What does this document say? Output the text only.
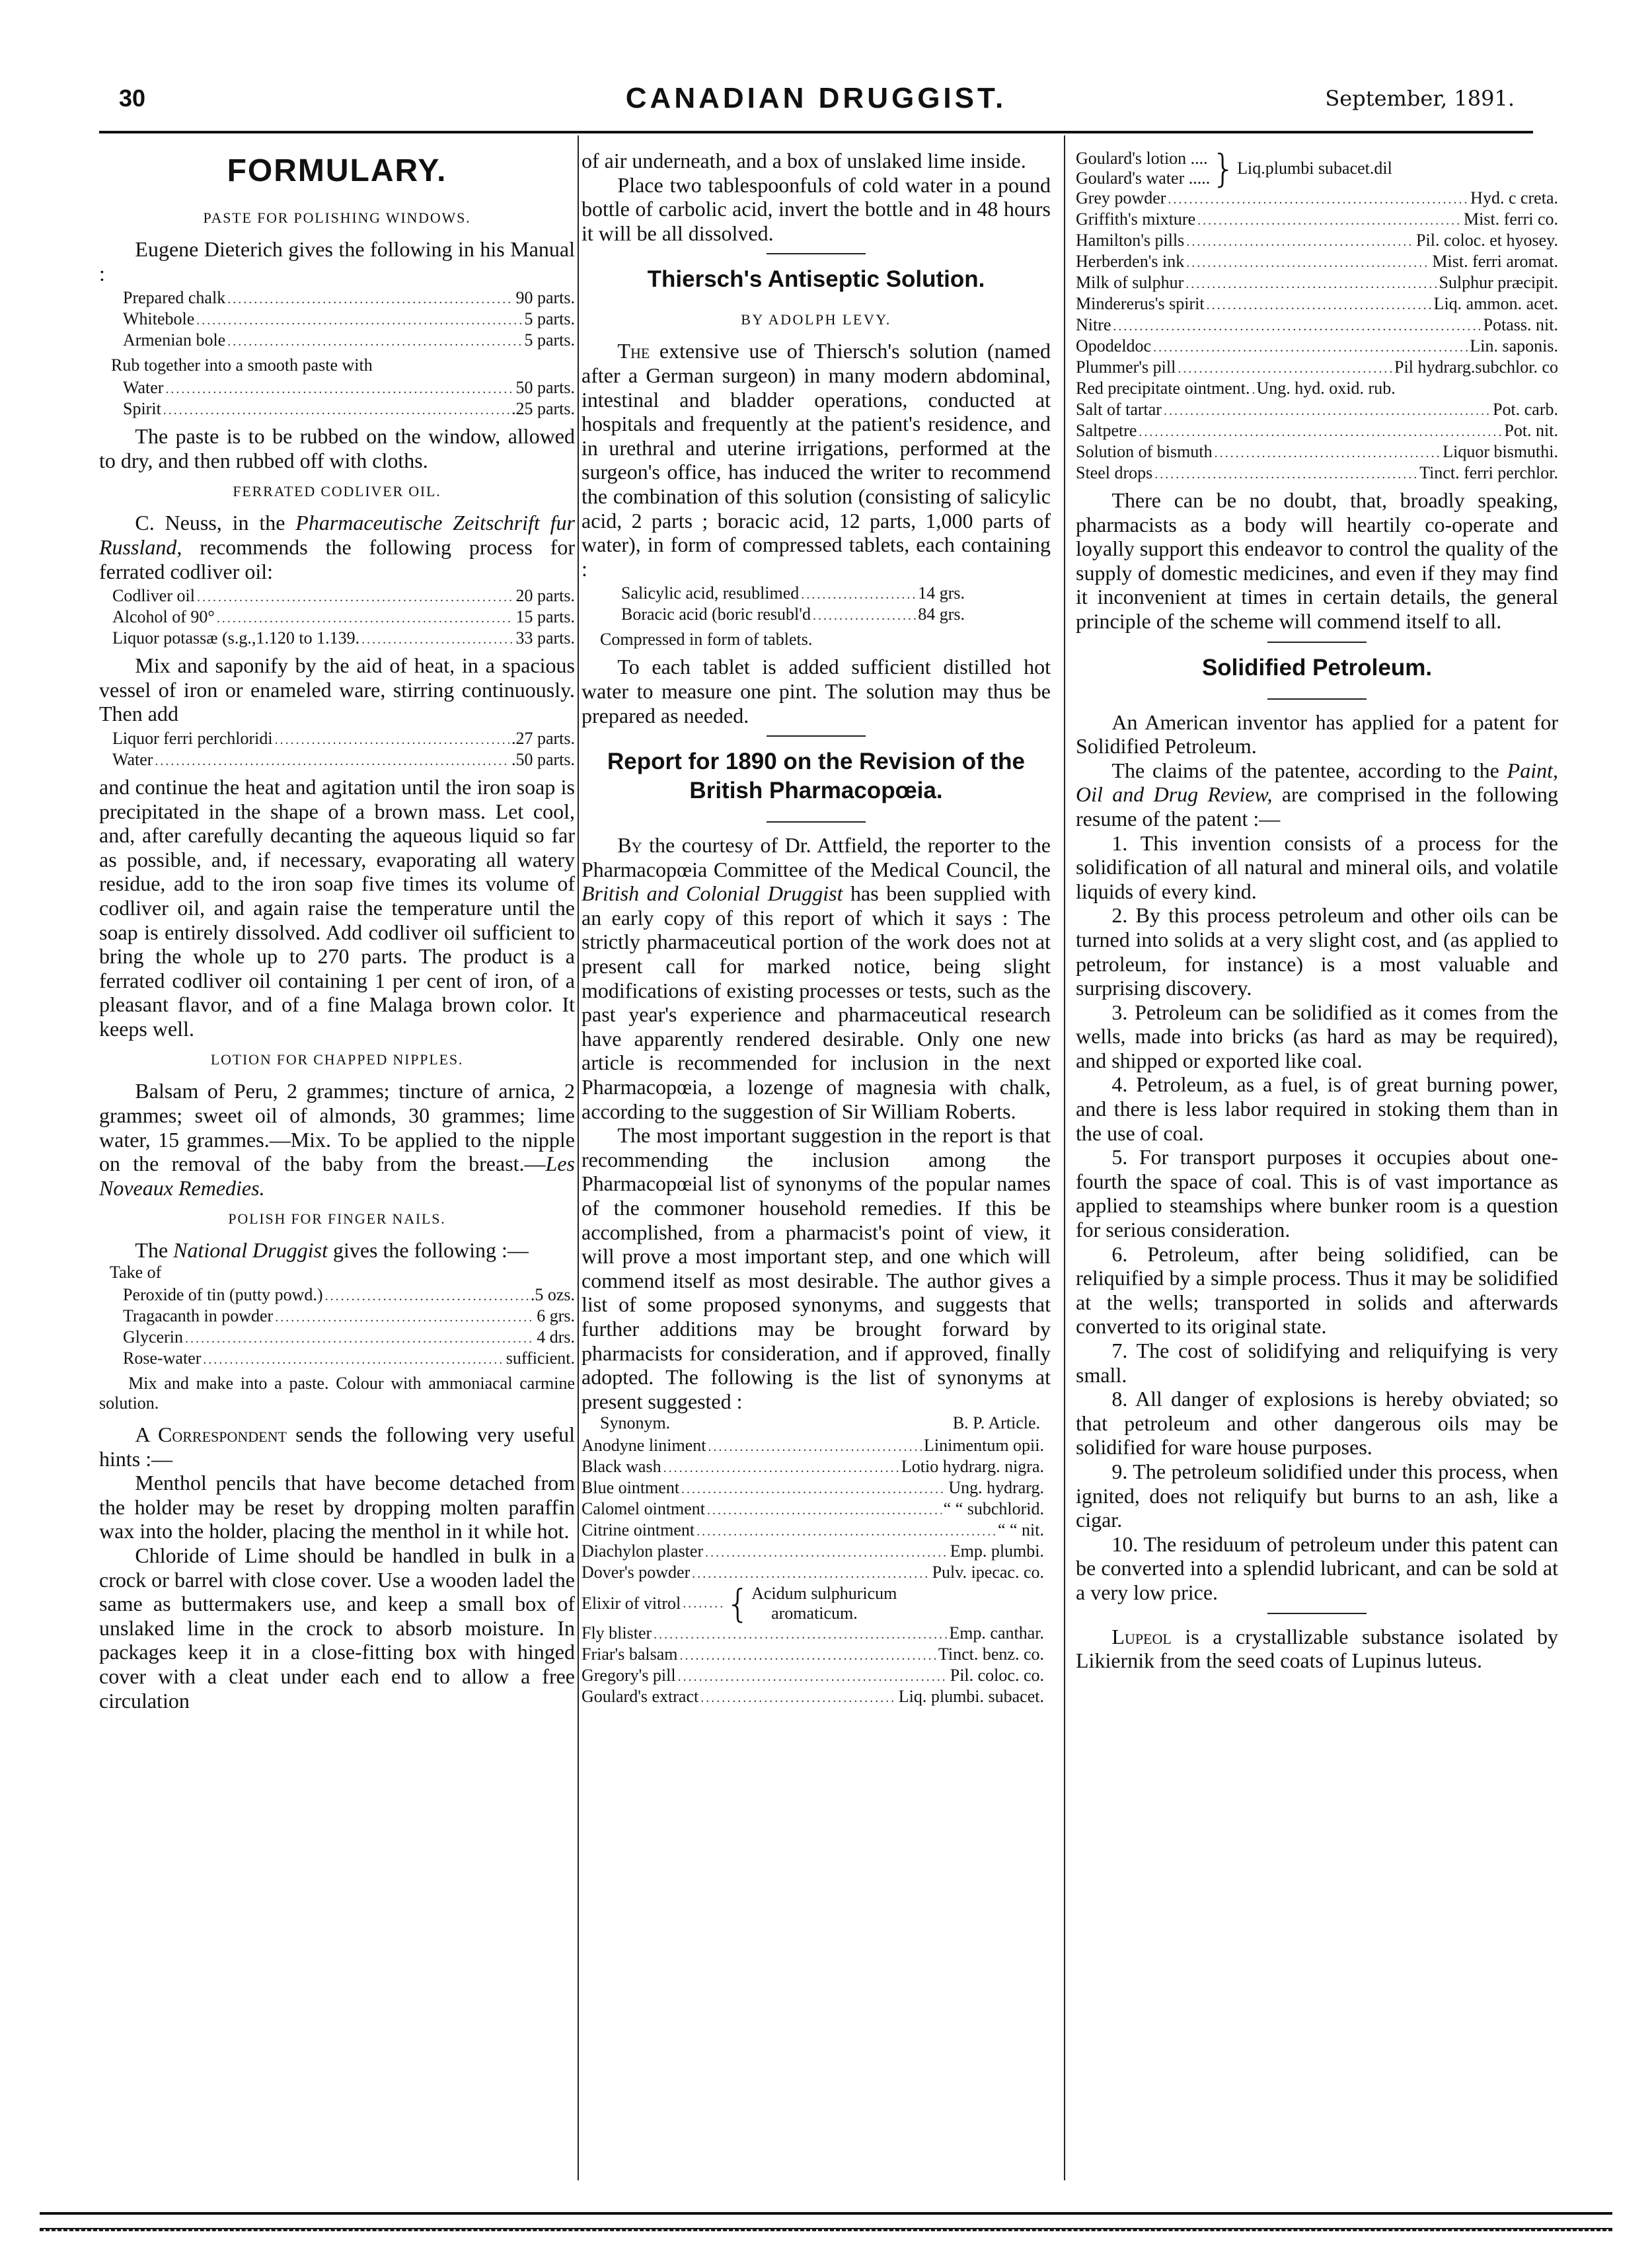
30	CANADIAN DRUGGIST.	September, 1891.
FORMULARY.
PASTE FOR POLISHING WINDOWS.

Eugene Dieterich gives the following in his Manual :

Prepared chalk .....	90 parts.
Whitebole .....	5 parts.
Armenian bole .....	5 parts.
Rub together into a smooth paste with
Water .....	50 parts.
Spirit .....	.25 parts.

The paste is to be rubbed on the window, allowed to dry, and then rubbed off with cloths.

FERRATED CODLIVER OIL.

C. Neuss, in the Pharmaceutische Zeitschrift fur Russland, recommends the following process for ferrated codliver oil:

Codliver oil .....	20 parts.
Alcohol of 90° .....	15 parts.
Liquor potassæ (s.g.,1.120 to 1.139. .....	33 parts.

Mix and saponify by the aid of heat, in a spacious vessel of iron or enameled ware, stirring continuously. Then add

Liquor ferri perchloridi .....	.27 parts.
Water .....	.50 parts.

and continue the heat and agitation until the iron soap is precipitated in the shape of a brown mass. Let cool, and, after carefully decanting the aqueous liquid so far as possible, and, if necessary, evaporating all watery residue, add to the iron soap five times its volume of codliver oil, and again raise the temperature until the soap is entirely dissolved. Add codliver oil sufficient to bring the whole up to 270 parts. The product is a ferrated codliver oil containing 1 per cent of iron, of a pleasant flavor, and of a fine Malaga brown color. It keeps well.

LOTION FOR CHAPPED NIPPLES.

Balsam of Peru, 2 grammes; tincture of arnica, 2 grammes; sweet oil of almonds, 30 grammes; lime water, 15 grammes.—Mix. To be applied to the nipple on the removal of the baby from the breast.—Les Noveaux Remedies.

POLISH FOR FINGER NAILS.

The National Druggist gives the following :—

Take of
Peroxide of tin (putty powd.) .....	.5 ozs.
Tragacanth in powder .....	6 grs.
Glycerin .....	4 drs.
Rose-water .....	sufficient.

Mix and make into a paste. Colour with ammoniacal carmine solution.

A Correspondent sends the following very useful hints :—

Menthol pencils that have become detached from the holder may be reset by dropping molten paraffin wax into the holder, placing the menthol in it while hot.

Chloride of Lime should be handled in bulk in a crock or barrel with close cover. Use a wooden ladel the same as buttermakers use, and keep a small box of unslaked lime in the crock to absorb moisture. In packages keep it in a close-fitting box with hinged cover with a cleat under each end to allow a free circulation

of air underneath, and a box of unslaked lime inside.

Place two tablespoonfuls of cold water in a pound bottle of carbolic acid, invert the bottle and in 48 hours it will be all dissolved.

Thiersch's Antiseptic Solution.
BY ADOLPH LEVY.

The extensive use of Thiersch's solution (named after a German surgeon) in many modern abdominal, intestinal and bladder operations, conducted at hospitals and frequently at the patient's residence, and in urethral and uterine irrigations, performed at the surgeon's office, has induced the writer to recommend the combination of this solution (consisting of salicylic acid, 2 parts ; boracic acid, 12 parts, 1,000 parts of water), in form of compressed tablets, each containing :

Salicylic acid, resublimed .....	14 grs.
Boracic acid (boric resubl'd .....	84 grs.
Compressed in form of tablets.

To each tablet is added sufficient distilled hot water to measure one pint. The solution may thus be prepared as needed.

Report for 1890 on the Revision of the British Pharmacopœia.

By the courtesy of Dr. Attfield, the reporter to the Pharmacopœia Committee of the Medical Council, the British and Colonial Druggist has been supplied with an early copy of this report of which it says : The strictly pharmaceutical portion of the work does not at present call for marked notice, being slight modifications of existing processes or tests, such as the past year's experience and pharmaceutical research have apparently rendered desirable. Only one new article is recommended for inclusion in the next Pharmacopœia, a lozenge of magnesia with chalk, according to the suggestion of Sir William Roberts.

The most important suggestion in the report is that recommending the inclusion among the Pharmacopœial list of synonyms of the popular names of the commoner household remedies. If this be accomplished, from a pharmacist's point of view, it will prove a most important step, and one which will commend itself as most desirable. The author gives a list of some proposed synonyms, and suggests that further additions may be brought forward by pharmacists for consideration, and if approved, finally adopted. The following is the list of synonyms at present suggested :

Synonym.	B. P. Article.
Anodyne liniment .....	Linimentum opii.
Black wash .....	Lotio hydrarg. nigra.
Blue ointment .....	Ung. hydrarg.
Calomel ointment .....	“ “ subchlorid.
Citrine ointment .....	“ “ nit.
Diachylon plaster .....	Emp. plumbi.
Dover's powder .....	Pulv. ipecac. co.
Elixir of vitrol ..... { Acidum sulphuricum
aromaticum.
Fly blister .....	Emp. canthar.
Friar's balsam .....	Tinct. benz. co.
Gregory's pill .....	Pil. coloc. co.
Goulard's extract .....	Liq. plumbi. subacet.
Goulard's lotion ....
Goulard's water ..... } Liq.plumbi subacet.dil
Grey powder .....	Hyd. c creta.
Griffith's mixture .....	Mist. ferri co.
Hamilton's pills .....	Pil. coloc. et hyosey.
Herberden's ink .....	Mist. ferri aromat.
Milk of sulphur .....	Sulphur præcipit.
Mindererus's spirit .....	Liq. ammon. acet.
Nitre .....	Potass. nit.
Opodeldoc .....	Lin. saponis.
Plummer's pill .....	Pil hydrarg.subchlor. co
Red precipitate ointment. ..... Ung. hyd. oxid. rub.
Salt of tartar .....	Pot. carb.
Saltpetre .....	Pot. nit.
Solution of bismuth .....	Liquor bismuthi.
Steel drops .....	Tinct. ferri perchlor.

There can be no doubt, that, broadly speaking, pharmacists as a body will heartily co-operate and loyally support this endeavor to control the quality of the supply of domestic medicines, and even if they may find it inconvenient at times in certain details, the general principle of the scheme will commend itself to all.

Solidified Petroleum.

An American inventor has applied for a patent for Solidified Petroleum.

The claims of the patentee, according to the Paint, Oil and Drug Review, are comprised in the following resume of the patent :—

1. This invention consists of a process for the solidification of all natural and mineral oils, and volatile liquids of every kind.

2. By this process petroleum and other oils can be turned into solids at a very slight cost, and (as applied to petroleum, for instance) is a most valuable and surprising discovery.

3. Petroleum can be solidified as it comes from the wells, made into bricks (as hard as may be required), and shipped or exported like coal.

4. Petroleum, as a fuel, is of great burning power, and there is less labor required in stoking them than in the use of coal.

5. For transport purposes it occupies about one-fourth the space of coal. This is of vast importance as applied to steamships where bunker room is a question for serious consideration.

6. Petroleum, after being solidified, can be reliquified by a simple process. Thus it may be solidified at the wells; transported in solids and afterwards converted to its original state.

7. The cost of solidifying and reliquifying is very small.

8. All danger of explosions is hereby obviated; so that petroleum and other dangerous oils may be solidified for ware house purposes.

9. The petroleum solidified under this process, when ignited, does not reliquify but burns to an ash, like a cigar.

10. The residuum of petroleum under this patent can be converted into a splendid lubricant, and can be sold at a very low price.

Lupeol is a crystallizable substance isolated by Likiernik from the seed coats of Lupinus luteus.
